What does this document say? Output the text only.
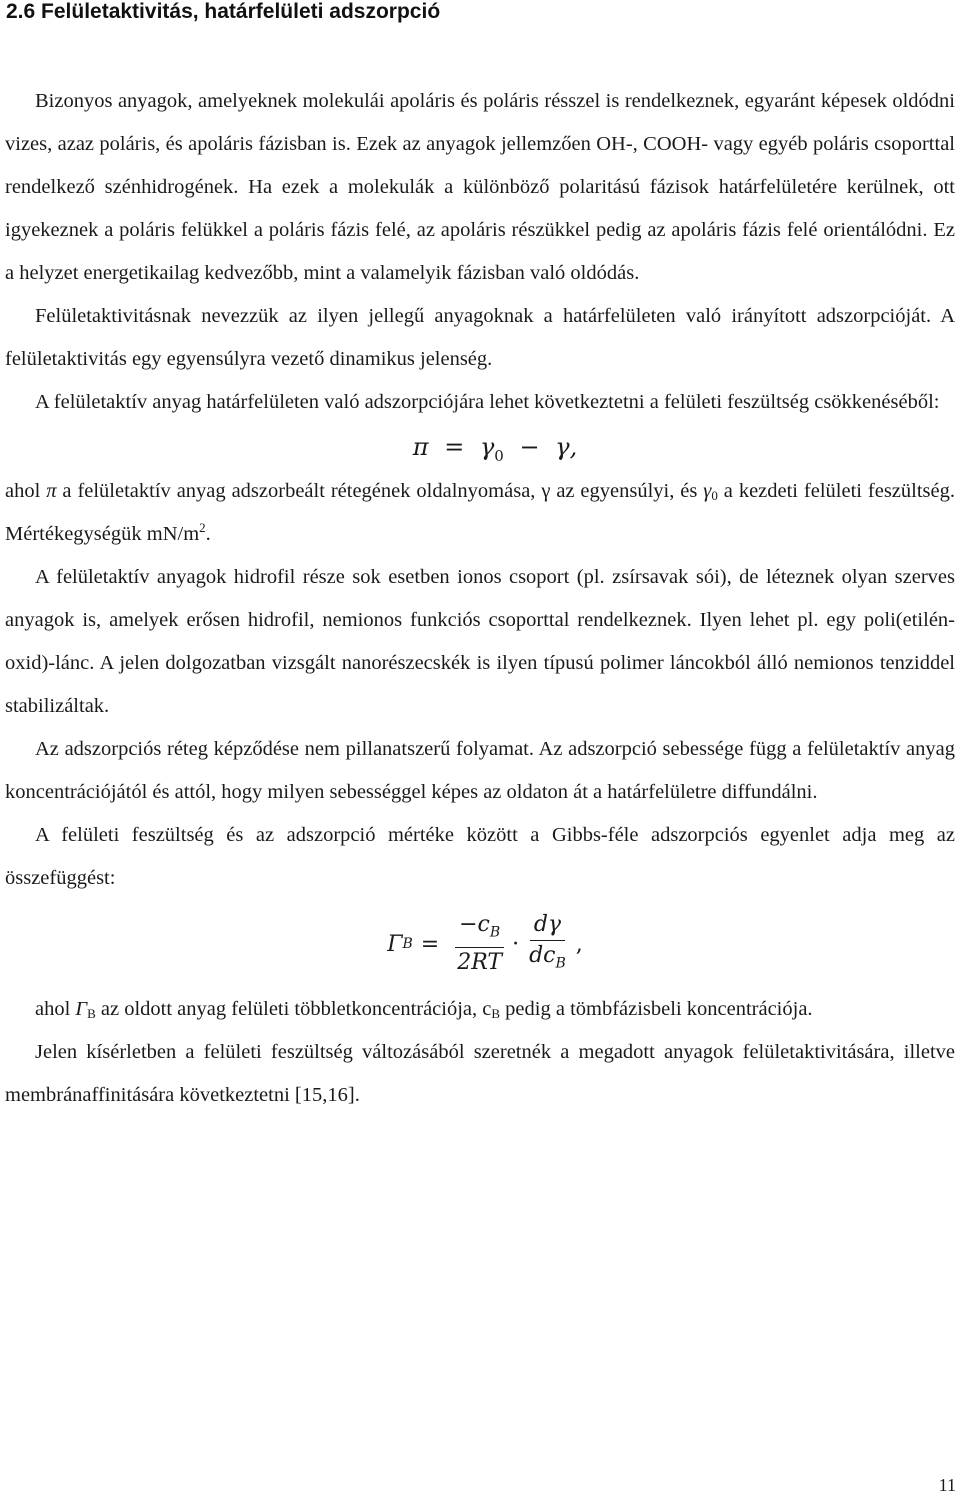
2.6 Felületaktivitás, határfelületi adszorpció

Bizonyos anyagok, amelyeknek molekulái apoláris és poláris résszel is rendelkeznek, egyaránt képesek oldódni vizes, azaz poláris, és apoláris fázisban is. Ezek az anyagok jellemzően OH-, COOH- vagy egyéb poláris csoporttal rendelkező szénhidrogének. Ha ezek a molekulák a különböző polaritású fázisok határfelületére kerülnek, ott igyekeznek a poláris felükkel a poláris fázis felé, az apoláris részükkel pedig az apoláris fázis felé orientálódni. Ez a helyzet energetikailag kedvezőbb, mint a valamelyik fázisban való oldódás.

Felületaktivitásnak nevezzük az ilyen jellegű anyagoknak a határfelületen való irányított adszorpcióját. A felületaktivitás egy egyensúlyra vezető dinamikus jelenség.

A felületaktív anyag határfelületen való adszorpciójára lehet következtetni a felületi feszültség csökkenéséből:

$\pi = \gamma_0 - \gamma$,

ahol π a felületaktív anyag adszorbeált rétegének oldalnyomása, γ az egyensúlyi, és $\gamma_0$ a kezdeti felületi feszültség. Mértékegységük $mN/m^2$.

A felületaktív anyagok hidrofil része sok esetben ionos csoport (pl. zsírsavak sói), de léteznek olyan szerves anyagok is, amelyek erősen hidrofil, nemionos funkciós csoporttal rendelkeznek. Ilyen lehet pl. egy poli(etilén-oxid)-lánc. A jelen dolgozatban vizsgált nanorészecskék is ilyen típusú polimer láncokból álló nemionos tenziddel stabilizáltak.

Az adszorpciós réteg képződése nem pillanatszerű folyamat. Az adszorpció sebessége függ a felületaktív anyag koncentrációjától és attól, hogy milyen sebességgel képes az oldaton át a határfelületre diffundálni.

A felületi feszültség és az adszorpció mértéke között a Gibbs-féle adszorpciós egyenlet adja meg az összefüggést:

Γ $B = \frac{-c_B}{2RT} \cdot \frac{d\gamma}{dc_B}$ ,

ahol $\Gamma_B$ az oldott anyag felületi többletkoncentrációja, $c_B$ pedig a tömbfázisbeli koncentrációja.

Jelen kísérletben a felületi feszültség változásából szeretnék a megadott anyagok felületaktivitására, illetve membránaffinitására következtetni [15,16].

11
